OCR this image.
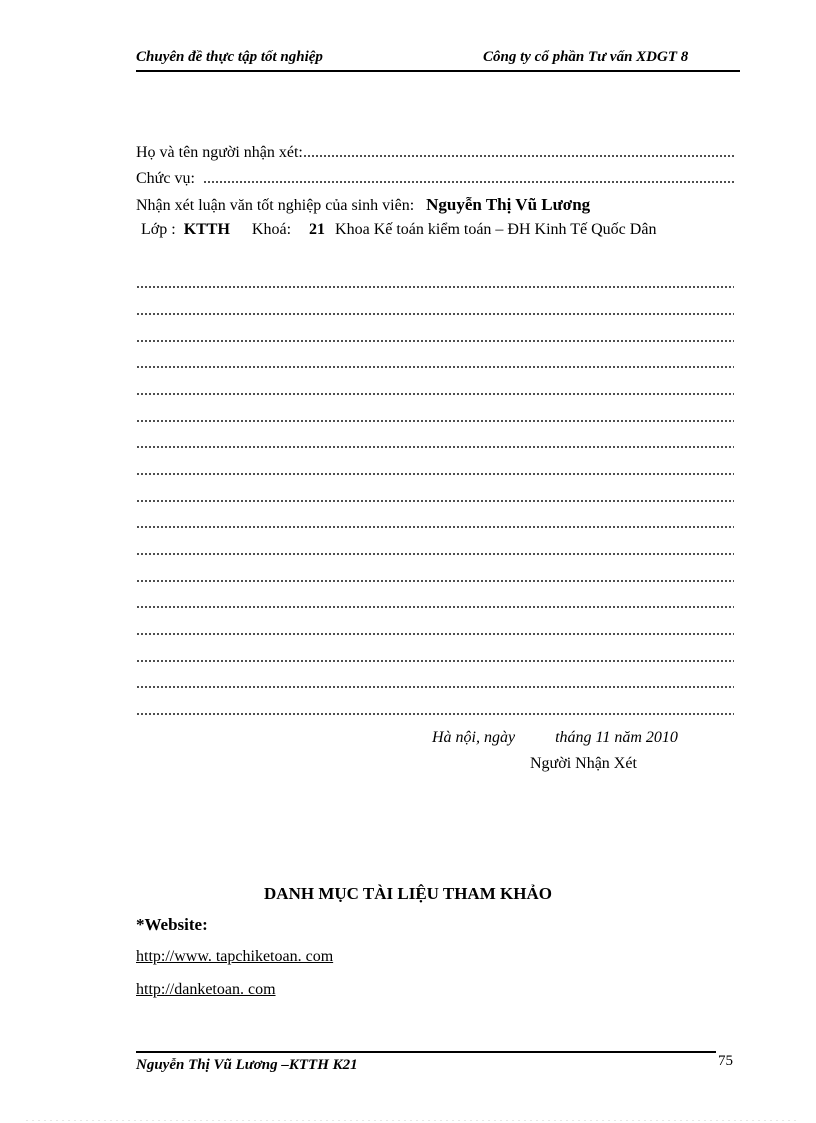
Chuyên đề thực tập tốt nghiệp	Công ty cổ phần Tư vấn XDGT 8
Họ và tên người nhận xét:
Chức vụ:
Nhận xét luận văn tốt nghiệp của sinh viên: Nguyễn Thị Vũ Lương
Lớp : KTTH Khoá: 21 Khoa Kế toán kiểm toán – ĐH Kinh Tế Quốc Dân
Hà nội, ngày	tháng 11 năm 2010
Người Nhận Xét
DANH MỤC TÀI LIỆU THAM KHẢO
*Website:
http://www. tapchiketoan. com
http://danketoan. com
Nguyễn Thị Vũ Lương –KTTH K21	75
